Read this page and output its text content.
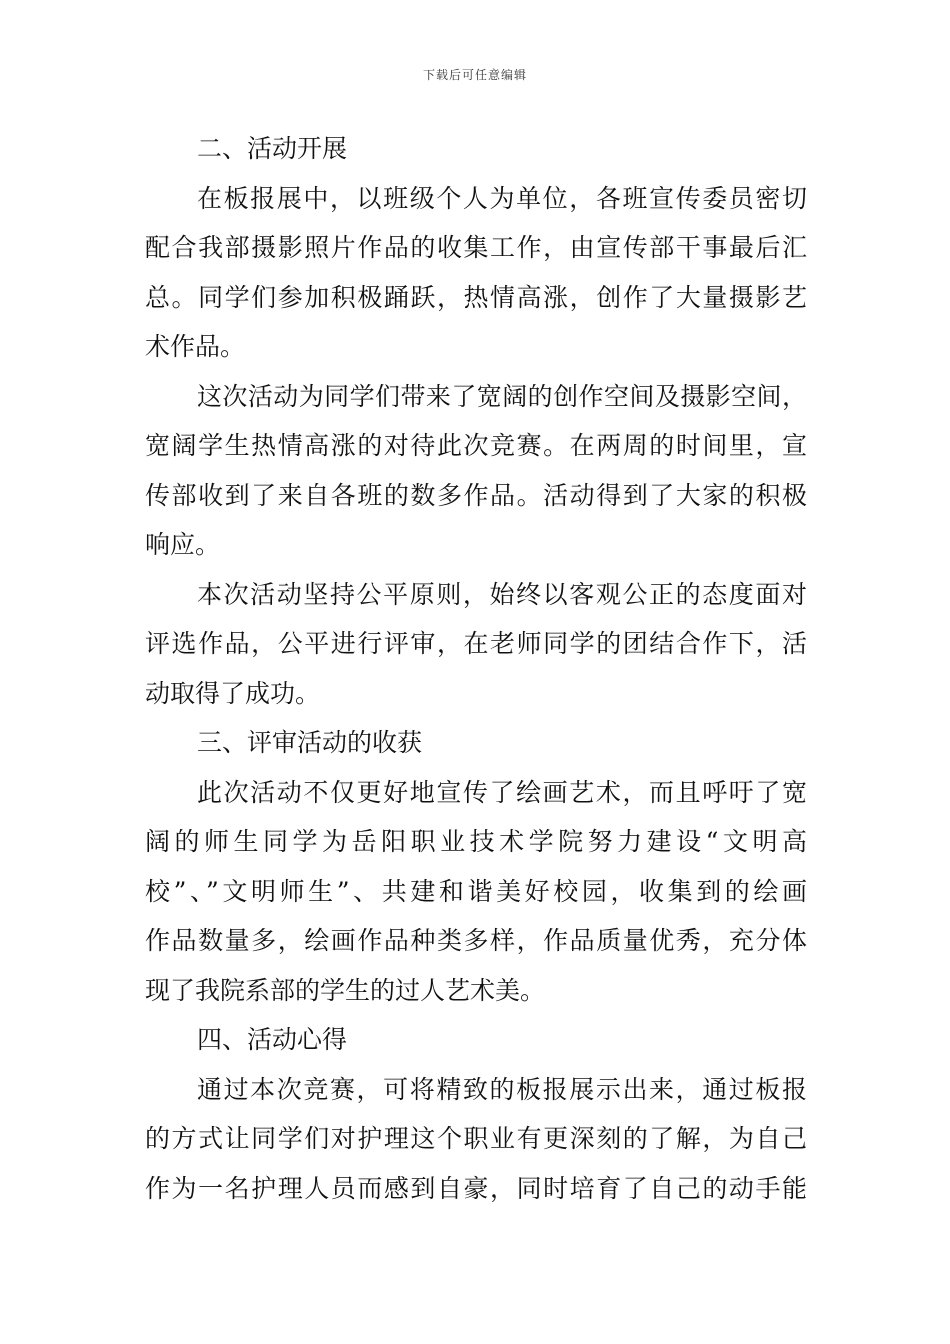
下载后可任意编辑
二、活动开展
在板报展中，以班级个人为单位，各班宣传委员密切
配合我部摄影照片作品的收集工作，由宣传部干事最后汇
总。同学们参加积极踊跃，热情高涨，创作了大量摄影艺
术作品。
这次活动为同学们带来了宽阔的创作空间及摄影空间，
宽阔学生热情高涨的对待此次竞赛。在两周的时间里，宣
传部收到了来自各班的数多作品。活动得到了大家的积极
响应。
本次活动坚持公平原则，始终以客观公正的态度面对
评选作品，公平进行评审，在老师同学的团结合作下，活
动取得了成功。
三、评审活动的收获
此次活动不仅更好地宣传了绘画艺术，而且呼吁了宽
阔的师生同学为岳阳职业技术学院努力建设“文明高
校”、”文明师生”、共建和谐美好校园，收集到的绘画
作品数量多，绘画作品种类多样，作品质量优秀，充分体
现了我院系部的学生的过人艺术美。
四、活动心得
通过本次竞赛，可将精致的板报展示出来，通过板报
的方式让同学们对护理这个职业有更深刻的了解，为自己
作为一名护理人员而感到自豪，同时培育了自己的动手能
